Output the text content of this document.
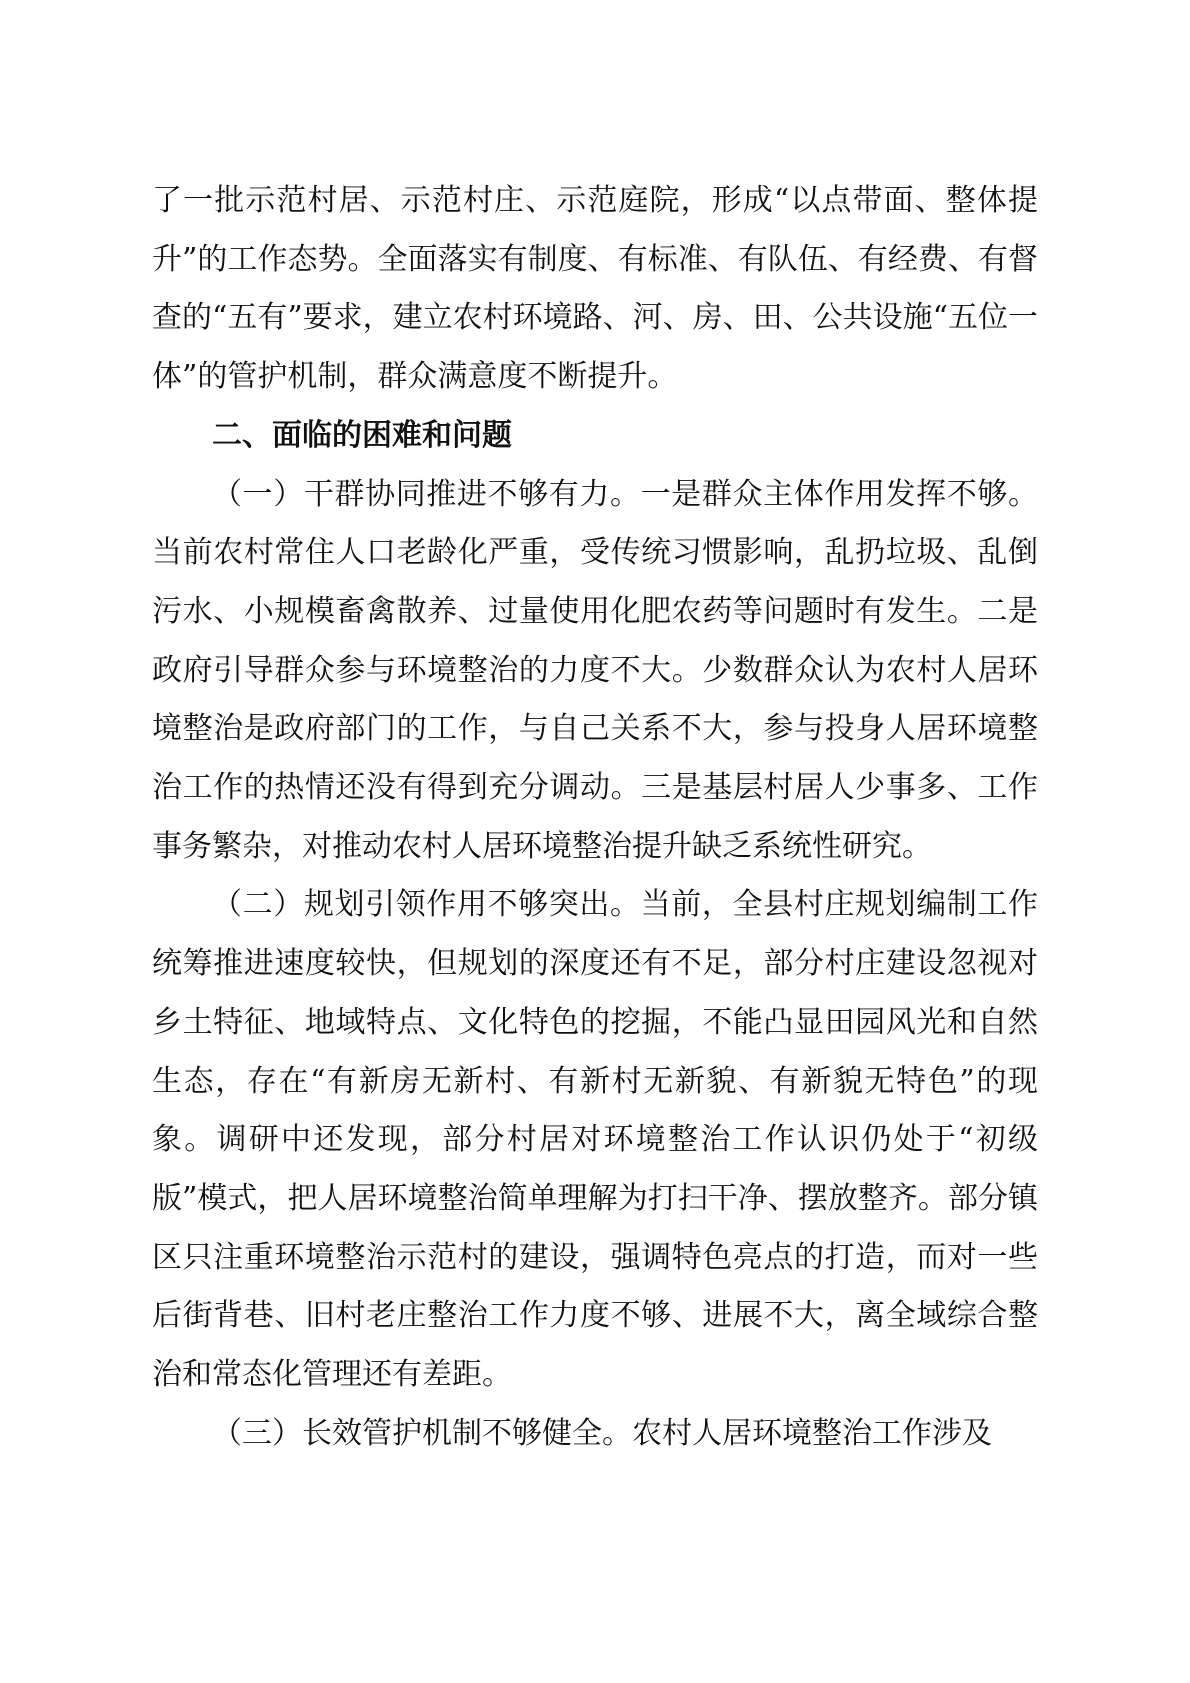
了一批示范村居、示范村庄、示范庭院，形成“以点带面、整体提升”的工作态势。全面落实有制度、有标准、有队伍、有经费、有督查的“五有”要求，建立农村环境路、河、房、田、公共设施“五位一体”的管护机制，群众满意度不断提升。

二、面临的困难和问题

（一）干群协同推进不够有力。一是群众主体作用发挥不够。当前农村常住人口老龄化严重，受传统习惯影响，乱扔垃圾、乱倒污水、小规模畜禽散养、过量使用化肥农药等问题时有发生。二是政府引导群众参与环境整治的力度不大。少数群众认为农村人居环境整治是政府部门的工作，与自己关系不大，参与投身人居环境整治工作的热情还没有得到充分调动。三是基层村居人少事多、工作事务繁杂，对推动农村人居环境整治提升缺乏系统性研究。

（二）规划引领作用不够突出。当前，全县村庄规划编制工作统筹推进速度较快，但规划的深度还有不足，部分村庄建设忽视对乡土特征、地域特点、文化特色的挖掘，不能凸显田园风光和自然生态，存在“有新房无新村、有新村无新貌、有新貌无特色”的现象。调研中还发现，部分村居对环境整治工作认识仍处于“初级版”模式，把人居环境整治简单理解为打扫干净、摆放整齐。部分镇区只注重环境整治示范村的建设，强调特色亮点的打造，而对一些后街背巷、旧村老庄整治工作力度不够、进展不大，离全域综合整治和常态化管理还有差距。

（三）长效管护机制不够健全。农村人居环境整治工作涉及
